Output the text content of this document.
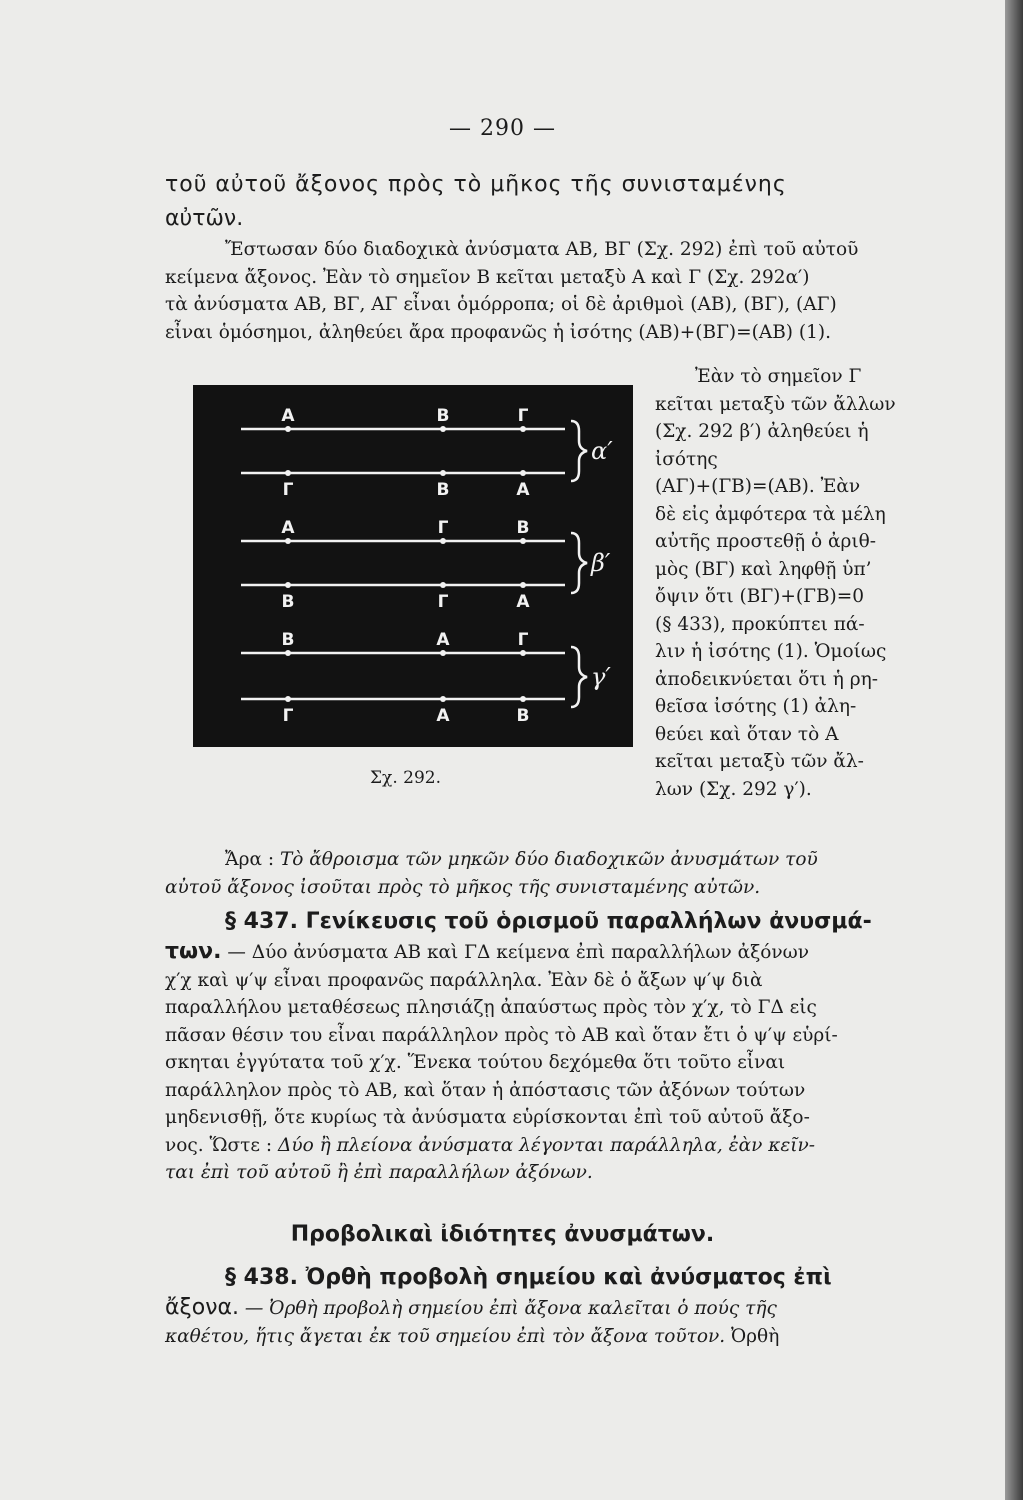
— 290 —
τοῦ αὐτοῦ ἄξονος πρὸς τὸ μῆκος τῆς συνισταμένης
αὐτῶν.
Ἔστωσαν δύο διαδοχικὰ ἀνύσματα AB, BΓ (Σχ. 292) ἐπὶ τοῦ αὐτοῦ
κείμενα ἄξονος. Ἐὰν τὸ σημεῖον B κεῖται μεταξὺ A καὶ Γ (Σχ. 292α′)
τὰ ἀνύσματα AB, BΓ, AΓ εἶναι ὁμόρροπα; οἱ δὲ ἀριθμοὶ (AB), (BΓ), (AΓ)
εἶναι ὁμόσημοι, ἀληθεύει ἄρα προφανῶς ἡ ἰσότης (AB)+(BΓ)=(AB) (1).
Α	Β	Γ
Γ	Β	Α
Α	Γ	Β
Β	Γ	Α
Β	Α	Γ
Γ	Α	Β
α′
β′
γ′
Σχ. 292.
Ἐὰν τὸ σημεῖον Γ
κεῖται μεταξὺ τῶν ἄλλων
(Σχ. 292 β′) ἀληθεύει ἡ
ἰσότης
(AΓ)+(ΓB)=(AB). Ἐὰν
δὲ εἰς ἀμφότερα τὰ μέλη
αὐτῆς προστεθῇ ὁ ἀριθ-
μὸς (BΓ) καὶ ληφθῇ ὑπ’
ὄψιν ὅτι (BΓ)+(ΓB)=0
(§ 433), προκύπτει πά-
λιν ἡ ἰσότης (1). Ὁμοίως
ἀποδεικνύεται ὅτι ἡ ρη-
θεῖσα ἰσότης (1) ἀλη-
θεύει καὶ ὅταν τὸ A
κεῖται μεταξὺ τῶν ἄλ-
λων (Σχ. 292 γ′).
Ἄρα : Τὸ ἄθροισμα τῶν μηκῶν δύο διαδοχικῶν ἀνυσμάτων τοῦ
αὐτοῦ ἄξονος ἰσοῦται πρὸς τὸ μῆκος τῆς συνισταμένης αὐτῶν.
§ 437. Γενίκευσις τοῦ ὁρισμοῦ παραλλήλων ἀνυσμά-
των. — Δύο ἀνύσματα AB καὶ ΓΔ κείμενα ἐπὶ παραλλήλων ἀξόνων
χ′χ καὶ ψ′ψ εἶναι προφανῶς παράλληλα. Ἐὰν δὲ ὁ ἄξων ψ′ψ διὰ
παραλλήλου μεταθέσεως πλησιάζῃ ἀπαύστως πρὸς τὸν χ′χ, τὸ ΓΔ εἰς
πᾶσαν θέσιν του εἶναι παράλληλον πρὸς τὸ AB καὶ ὅταν ἔτι ὁ ψ′ψ εὑρί-
σκηται ἐγγύτατα τοῦ χ′χ. Ἕνεκα τούτου δεχόμεθα ὅτι τοῦτο εἶναι
παράλληλον πρὸς τὸ AB, καὶ ὅταν ἡ ἀπόστασις τῶν ἀξόνων τούτων
μηδενισθῇ, ὅτε κυρίως τὰ ἀνύσματα εὑρίσκονται ἐπὶ τοῦ αὐτοῦ ἄξο-
νος. Ὥστε : Δύο ἢ πλείονα ἀνύσματα λέγονται παράλληλα, ἐὰν κεῖν-
ται ἐπὶ τοῦ αὐτοῦ ἢ ἐπὶ παραλλήλων ἀξόνων.
Προβολικαὶ ἰδιότητες ἀνυσμάτων.
§ 438. Ὀρθὴ προβολὴ σημείου καὶ ἀνύσματος ἐπὶ
ἄξονα. — Ὀρθὴ προβολὴ σημείου ἐπὶ ἄξονα καλεῖται ὁ πούς τῆς
καθέτου, ἥτις ἄγεται ἐκ τοῦ σημείου ἐπὶ τὸν ἄξονα τοῦτον. Ὀρθὴ
